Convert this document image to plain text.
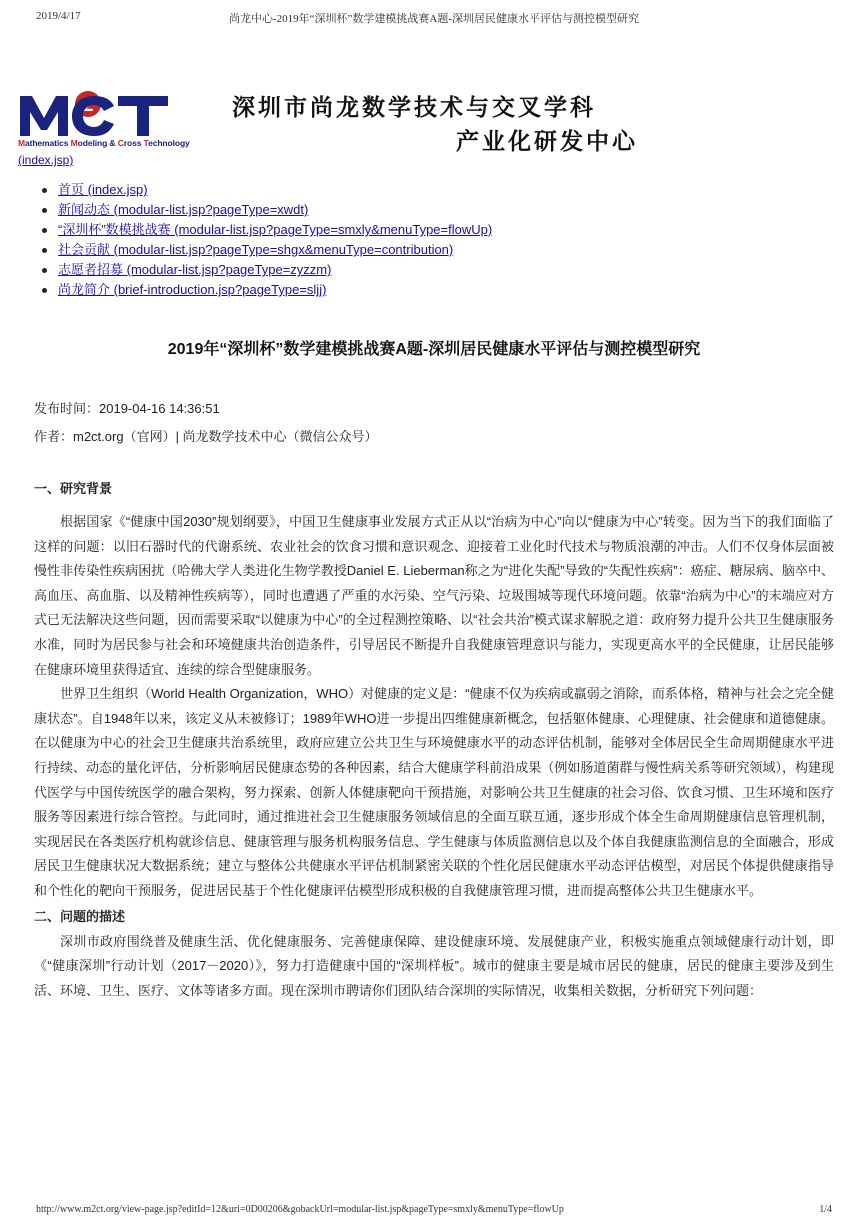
2019/4/17	尚龙中心-2019年“深圳杯”数学建模挑战赛A题-深圳居民健康水平评估与测控模型研究
Mathematics Modeling & Cross Technology
(index.jsp)
深圳市尚龙数学技术与交叉学科
产业化研发中心
首页 (index.jsp)
新闻动态 (modular-list.jsp?pageType=xwdt)
“深圳杯”数模挑战赛 (modular-list.jsp?pageType=smxly&menuType=flowUp)
社会贡献 (modular-list.jsp?pageType=shgx&menuType=contribution)
志愿者招募 (modular-list.jsp?pageType=zyzzm)
尚龙简介 (brief-introduction.jsp?pageType=sljj)
2019年“深圳杯”数学建模挑战赛A题-深圳居民健康水平评估与测控模型研究
发布时间：2019-04-16 14:36:51
作者：m2ct.org（官网）| 尚龙数学技术中心（微信公众号）
一、研究背景

根据国家《“健康中国2030”规划纲要》，中国卫生健康事业发展方式正从以“治病为中心”向以“健康为中心”转变。因为当下的我们面临了这样的问题：以旧石器时代的代谢系统、农业社会的饮食习惯和意识观念、迎接着工业化时代技术与物质浪潮的冲击。人们不仅身体层面被慢性非传染性疾病困扰（哈佛大学人类进化生物学教授Daniel E. Lieberman称之为“进化失配”导致的“失配性疾病”：癌症、糖尿病、脑卒中、高血压、高血脂、以及精神性疾病等），同时也遭遇了严重的水污染、空气污染、垃圾围城等现代环境问题。依靠“治病为中心”的末端应对方式已无法解决这些问题，因而需要采取“以健康为中心”的全过程测控策略、以“社会共治”模式谋求解脱之道：政府努力提升公共卫生健康服务水准，同时为居民参与社会和环境健康共治创造条件，引导居民不断提升自我健康管理意识与能力，实现更高水平的全民健康，让居民能够在健康环境里获得适宜、连续的综合型健康服务。

世界卫生组织（World Health Organization，WHO）对健康的定义是：“健康不仅为疾病或羸弱之消除，而系体格，精神与社会之完全健康状态”。自1948年以来，该定义从未被修订；1989年WHO进一步提出四维健康新概念，包括躯体健康、心理健康、社会健康和道德健康。在以健康为中心的社会卫生健康共治系统里，政府应建立公共卫生与环境健康水平的动态评估机制，能够对全体居民全生命周期健康水平进行持续、动态的量化评估，分析影响居民健康态势的各种因素，结合大健康学科前沿成果（例如肠道菌群与慢性病关系等研究领域），构建现代医学与中国传统医学的融合架构，努力探索、创新人体健康靶向干预措施，对影响公共卫生健康的社会习俗、饮食习惯、卫生环境和医疗服务等因素进行综合管控。与此同时，通过推进社会卫生健康服务领域信息的全面互联互通，逐步形成个体全生命周期健康信息管理机制，实现居民在各类医疗机构就诊信息、健康管理与服务机构服务信息、学生健康与体质监测信息以及个体自我健康监测信息的全面融合，形成居民卫生健康状况大数据系统；建立与整体公共健康水平评估机制紧密关联的个性化居民健康水平动态评估模型，对居民个体提供健康指导和个性化的靶向干预服务，促进居民基于个性化健康评估模型形成积极的自我健康管理习惯，进而提高整体公共卫生健康水平。

二、问题的描述

深圳市政府围绕普及健康生活、优化健康服务、完善健康保障、建设健康环境、发展健康产业，积极实施重点领域健康行动计划，即《“健康深圳”行动计划（2017－2020）》，努力打造健康中国的“深圳样板”。城市的健康主要是城市居民的健康，居民的健康主要涉及到生活、环境、卫生、医疗、文体等诸多方面。现在深圳市聘请你们团队结合深圳的实际情况，收集相关数据，分析研究下列问题：

http://www.m2ct.org/view-page.jsp?editId=12&uri=0D00206&gobackUrl=modular-list.jsp&pageType=smxly&menuType=flowUp	1/4
